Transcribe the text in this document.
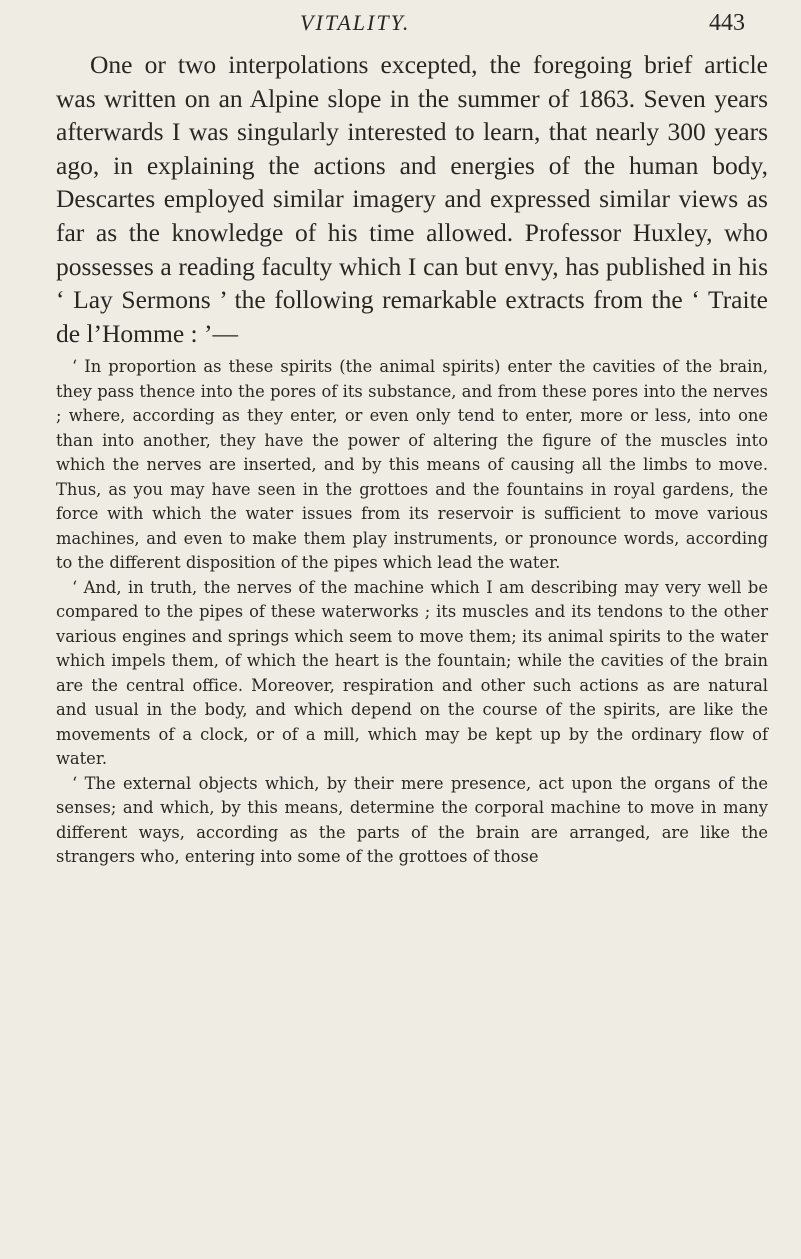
VITALITY.	443

One or two interpolations excepted, the foregoing brief article was written on an Alpine slope in the summer of 1863. Seven years afterwards I was singularly interested to learn, that nearly 300 years ago, in explaining the actions and energies of the human body, Descartes employed similar imagery and expressed similar views as far as the knowledge of his time allowed. Professor Huxley, who possesses a reading faculty which I can but envy, has published in his ‘ Lay Sermons ’ the following remarkable extracts from the ‘ Traite de l’Homme : ’—

‘ In proportion as these spirits (the animal spirits) enter the cavities of the brain, they pass thence into the pores of its substance, and from these pores into the nerves ; where, according as they enter, or even only tend to enter, more or less, into one than into another, they have the power of altering the figure of the muscles into which the nerves are inserted, and by this means of causing all the limbs to move. Thus, as you may have seen in the grottoes and the fountains in royal gardens, the force with which the water issues from its reservoir is sufficient to move various machines, and even to make them play instruments, or pronounce words, according to the different disposition of the pipes which lead the water.

‘ And, in truth, the nerves of the machine which I am describing may very well be compared to the pipes of these waterworks ; its muscles and its tendons to the other various engines and springs which seem to move them; its animal spirits to the water which impels them, of which the heart is the fountain; while the cavities of the brain are the central office. Moreover, respiration and other such actions as are natural and usual in the body, and which depend on the course of the spirits, are like the movements of a clock, or of a mill, which may be kept up by the ordinary flow of water.

‘ The external objects which, by their mere presence, act upon the organs of the senses; and which, by this means, determine the corporal machine to move in many different ways, according as the parts of the brain are arranged, are like the strangers who, entering into some of the grottoes of those
